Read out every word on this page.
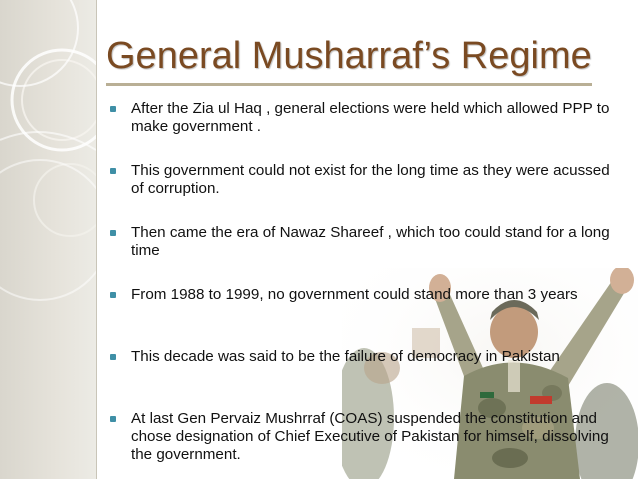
General Musharraf’s Regime
After the Zia ul Haq , general elections were held which allowed PPP to make government .
This government could not exist for the long time as they were acussed of corruption.
Then came the era of Nawaz Shareef , which too could stand for a long time
From 1988 to 1999, no government could stand more than 3 years
This decade was said to be the failure of democracy in Pakistan
At last Gen Pervaiz Mushrraf (COAS) suspended the constitution and chose designation of Chief Executive of Pakistan for himself, dissolving the government.
